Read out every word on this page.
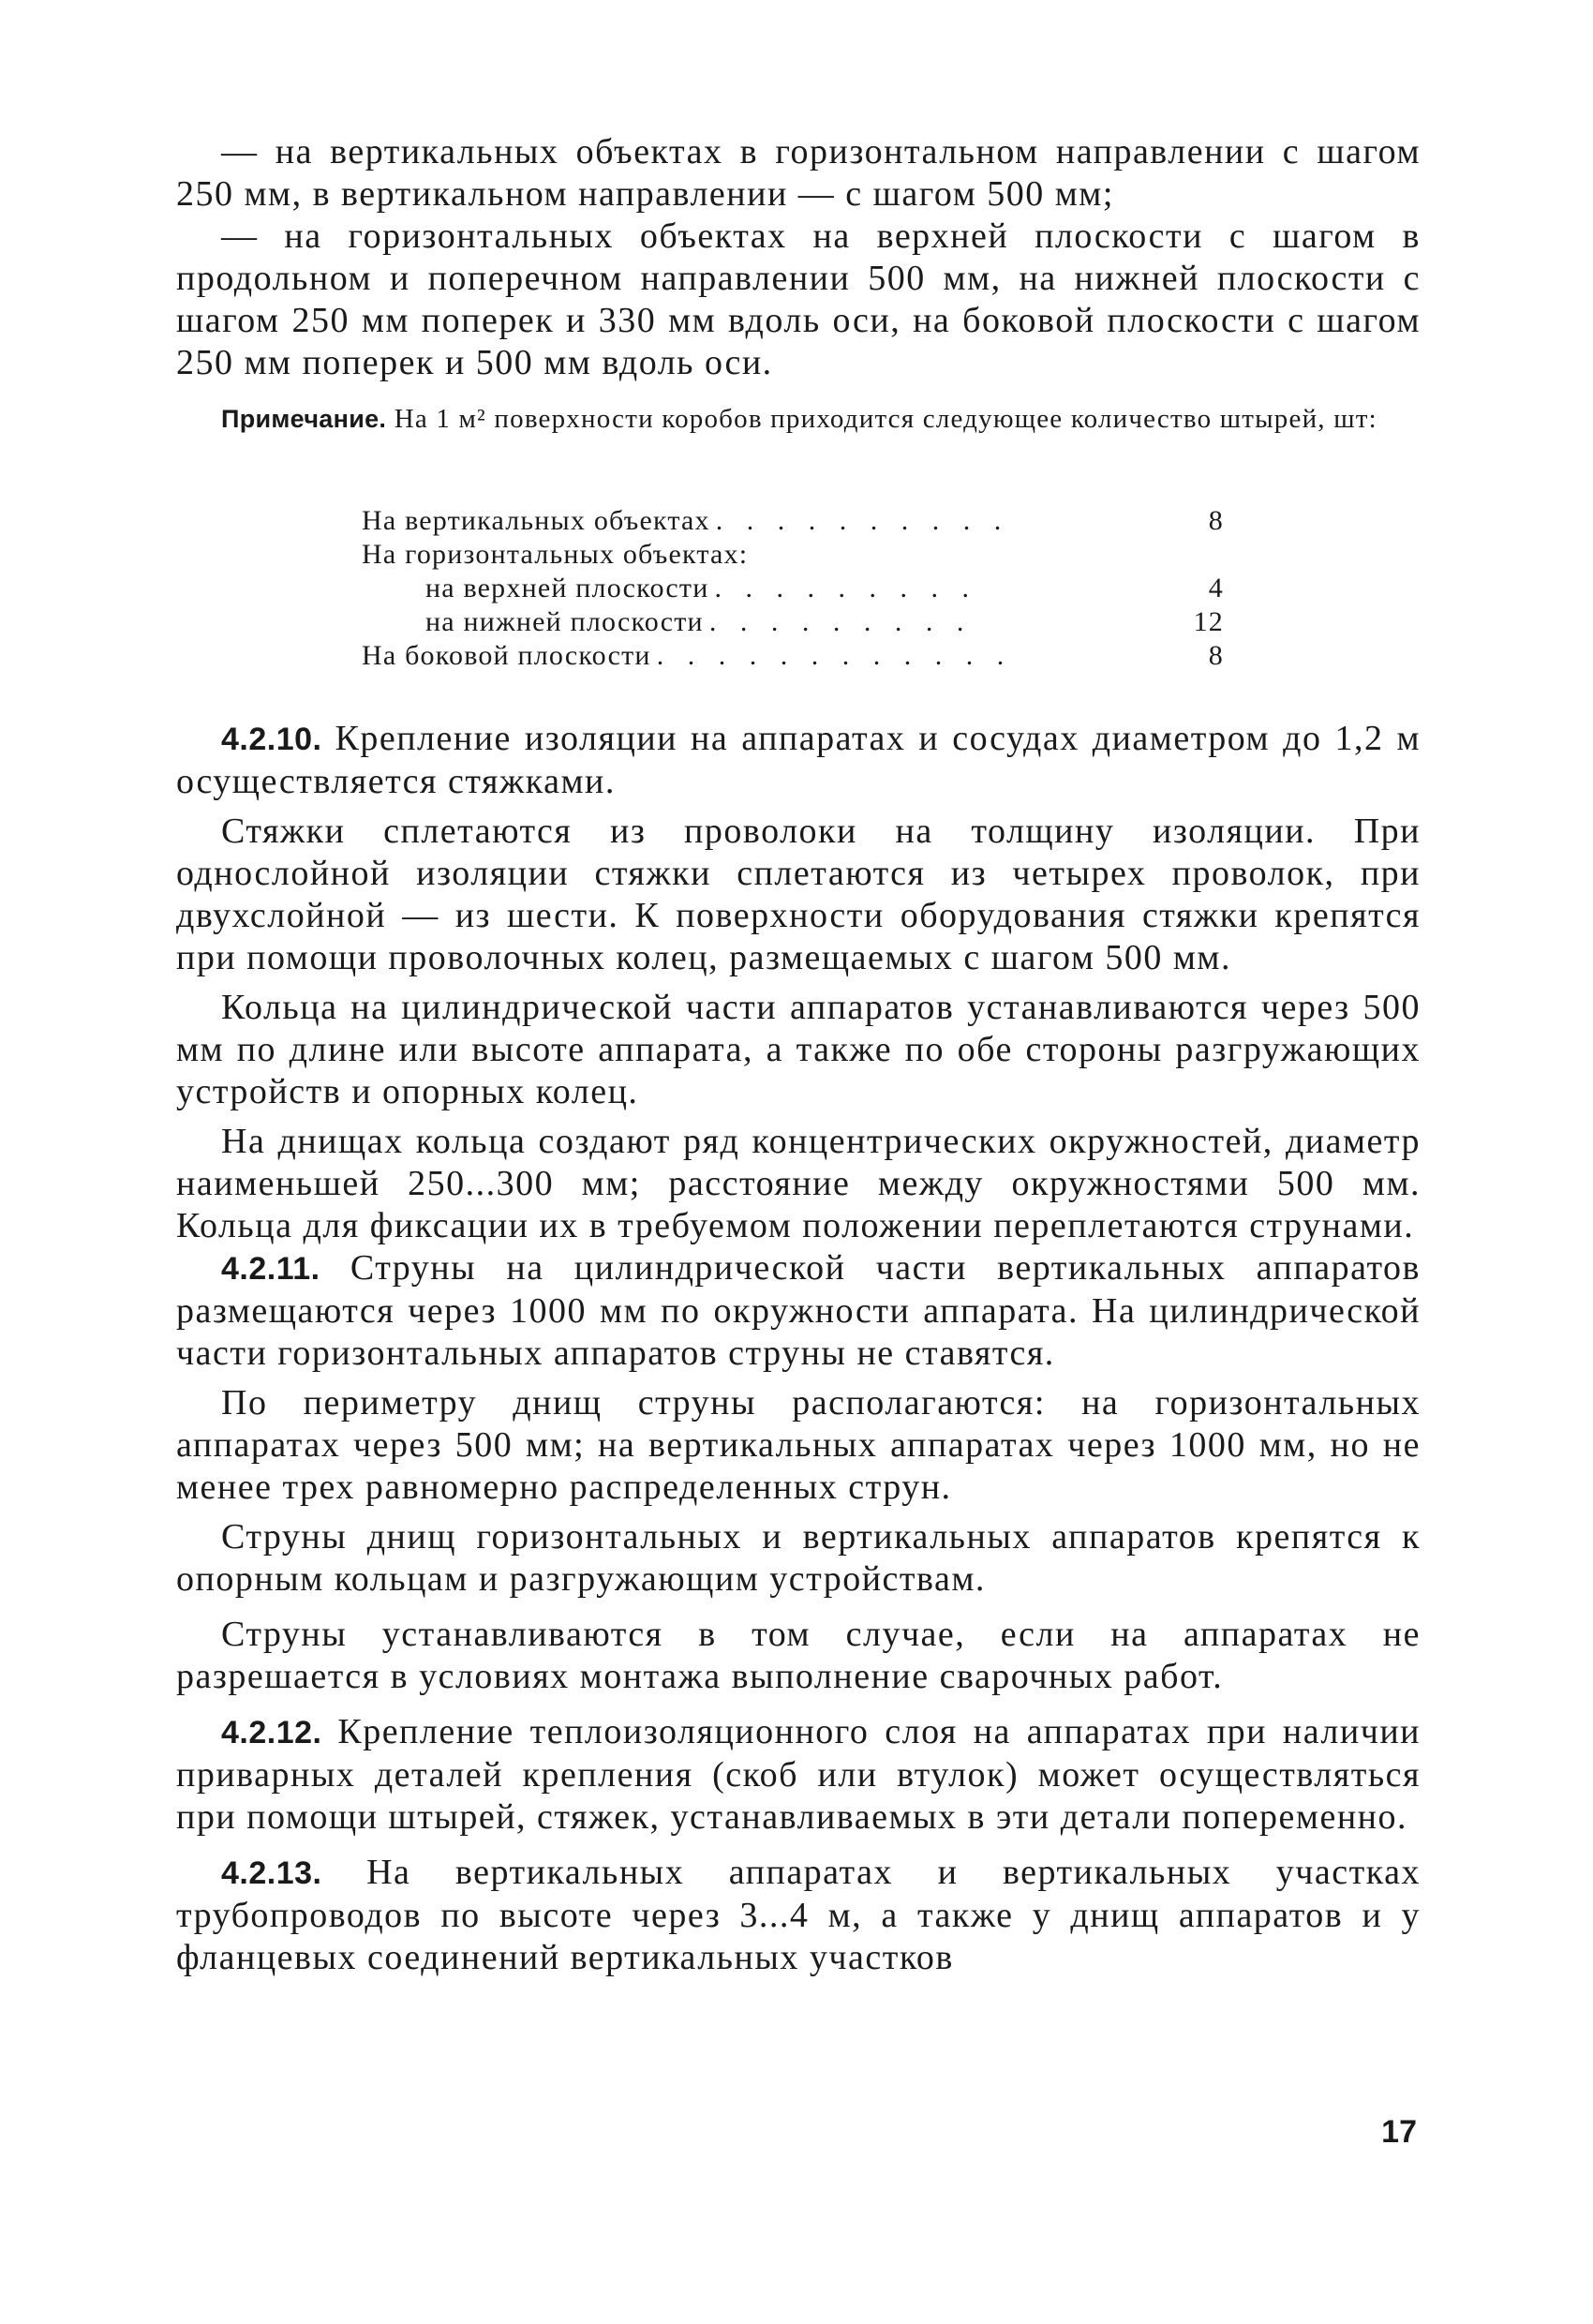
— на вертикальных объектах в горизонтальном направлении с шагом 250 мм, в вертикальном направлении — с шагом 500 мм;

— на горизонтальных объектах на верхней плоскости с шагом в продольном и поперечном направлении 500 мм, на нижней плоскости с шагом 250 мм поперек и 330 мм вдоль оси, на боковой плоскости с шагом 250 мм поперек и 500 мм вдоль оси.

Примечание. На 1 м² поверхности коробов приходится следующее количество штырей, шт:

На вертикальных объектах . . . . . . . . . .	8
На горизонтальных объектах:
на верхней плоскости . . . . . . . . .	4
на нижней плоскости . . . . . . . . .	12
На боковой плоскости . . . . . . . . . . . .	8

4.2.10. Крепление изоляции на аппаратах и сосудах диаметром до 1,2 м осуществляется стяжками.

Стяжки сплетаются из проволоки на толщину изоляции. При однослойной изоляции стяжки сплетаются из четырех проволок, при двухслойной — из шести. К поверхности оборудования стяжки крепятся при помощи проволочных колец, размещаемых с шагом 500 мм.

Кольца на цилиндрической части аппаратов устанавливаются через 500 мм по длине или высоте аппарата, а также по обе стороны разгружающих устройств и опорных колец.

На днищах кольца создают ряд концентрических окружностей, диаметр наименьшей 250...300 мм; расстояние между окружностями 500 мм. Кольца для фиксации их в требуемом положении переплетаются струнами.

4.2.11. Струны на цилиндрической части вертикальных аппаратов размещаются через 1000 мм по окружности аппарата. На цилиндрической части горизонтальных аппаратов струны не ставятся.

По периметру днищ струны располагаются: на горизонтальных аппаратах через 500 мм; на вертикальных аппаратах через 1000 мм, но не менее трех равномерно распределенных струн.

Струны днищ горизонтальных и вертикальных аппаратов крепятся к опорным кольцам и разгружающим устройствам.

Струны устанавливаются в том случае, если на аппаратах не разрешается в условиях монтажа выполнение сварочных работ.

4.2.12. Крепление теплоизоляционного слоя на аппаратах при наличии приварных деталей крепления (скоб или втулок) может осуществляться при помощи штырей, стяжек, устанавливаемых в эти детали попеременно.

4.2.13. На вертикальных аппаратах и вертикальных участках трубопроводов по высоте через 3...4 м, а также у днищ аппаратов и у фланцевых соединений вертикальных участков

17
